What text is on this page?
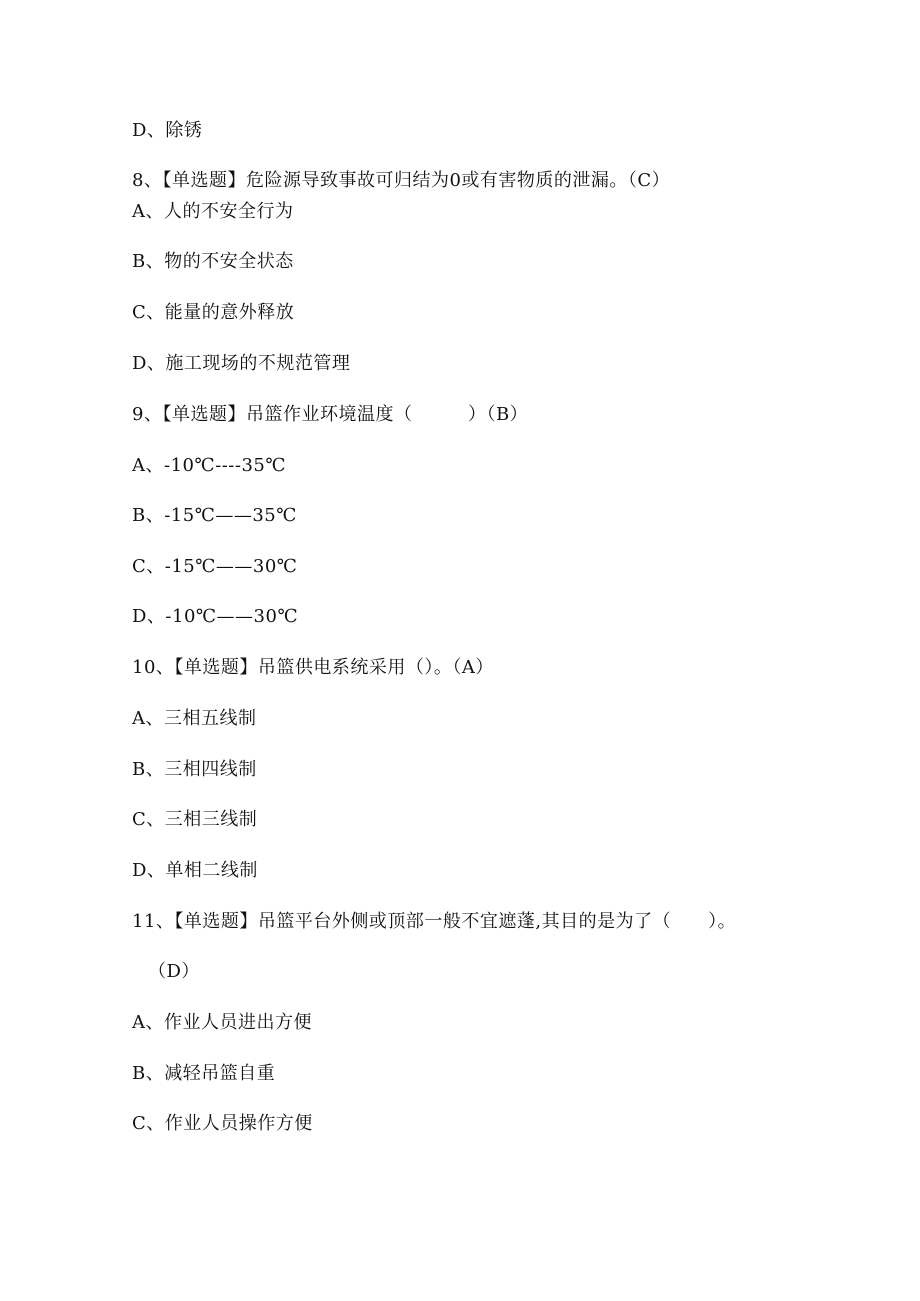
D、除锈
8、【单选题】危险源导致事故可归结为0或有害物质的泄漏。（C）
A、人的不安全行为
B、物的不安全状态
C、能量的意外释放
D、施工现场的不规范管理
9、【单选题】吊篮作业环境温度（　　　）（B）
A、-10℃----35℃
B、-15℃——35℃
C、-15℃——30℃
D、-10℃——30℃
10、【单选题】吊篮供电系统采用（）。（A）
A、三相五线制
B、三相四线制
C、三相三线制
D、单相二线制
11、【单选题】吊篮平台外侧或顶部一般不宜遮蓬,其目的是为了（　　）。
（D）
A、作业人员进出方便
B、减轻吊篮自重
C、作业人员操作方便
